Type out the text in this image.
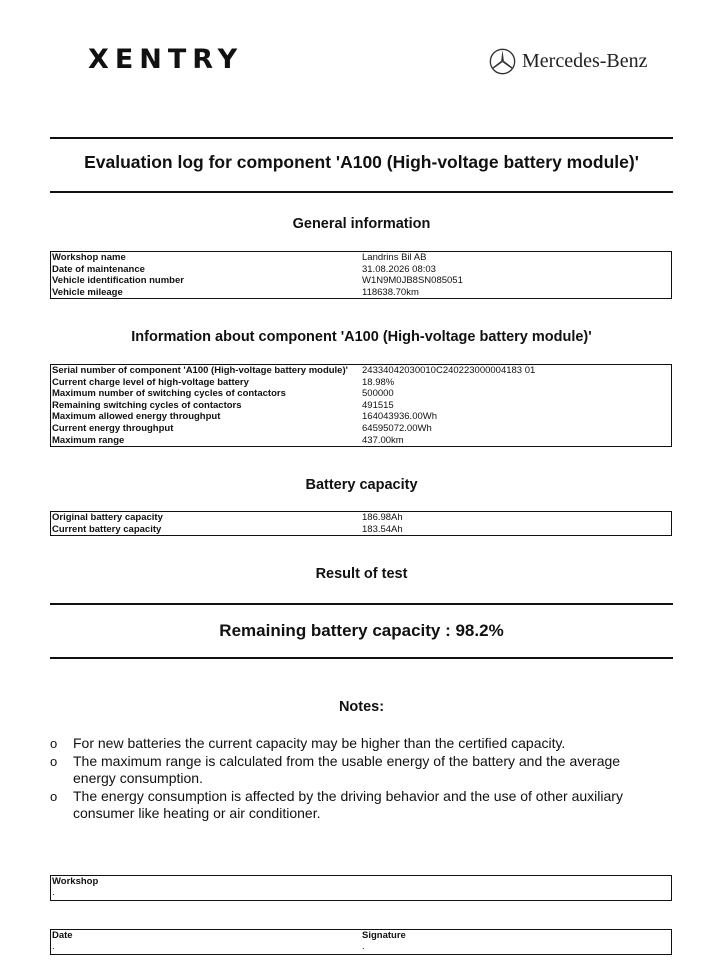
XENTRY	Mercedes-Benz
Evaluation log for component 'A100 (High-voltage battery module)'
General information
Workshop name	Landrins Bil AB
Date of maintenance	31.08.2026 08:03
Vehicle identification number	W1N9M0JB8SN085051
Vehicle mileage	118638.70km
Information about component 'A100 (High-voltage battery module)'
Serial number of component 'A100 (High-voltage battery module)'	24334042030010C240223000004183 01
Current charge level of high-voltage battery	18.98%
Maximum number of switching cycles of contactors	500000
Remaining switching cycles of contactors	491515
Maximum allowed energy throughput	164043936.00Wh
Current energy throughput	64595072.00Wh
Maximum range	437.00km
Battery capacity
Original battery capacity	186.98Ah
Current battery capacity	183.54Ah
Result of test
Remaining battery capacity : 98.2%
Notes:
o	For new batteries the current capacity may be higher than the certified capacity.
o	The maximum range is calculated from the usable energy of the battery and the average energy consumption.
o	The energy consumption is affected by the driving behavior and the use of other auxiliary consumer like heating or air conditioner.
Workshop
.
Date
.
Signature
.
